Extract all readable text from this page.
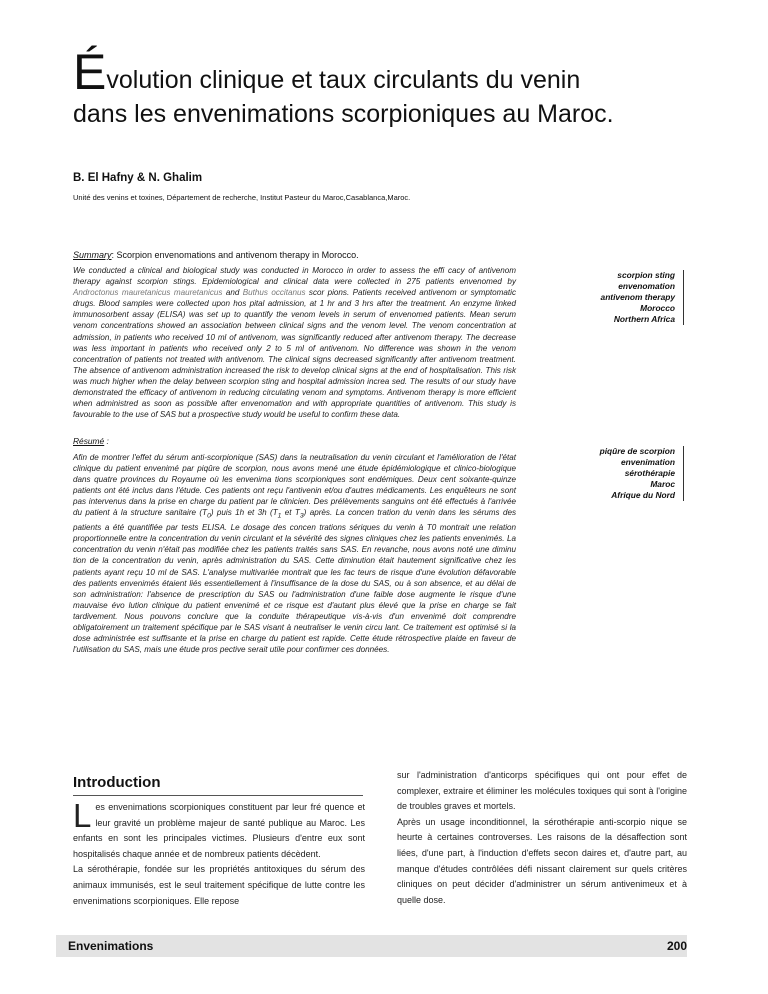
Évolution clinique et taux circulants du venin
dans les envenimations scorpioniques au Maroc.

B. El Hafny & N. Ghalim

Unité des venins et toxines, Département de recherche, Institut Pasteur du Maroc,Casablanca,Maroc.

Summary: Scorpion envenomations and antivenom therapy in Morocco.

We conducted a clinical and biological study was conducted in Morocco in order to assess the effi cacy of antivenom therapy against scorpion stings. Epidemiological and clinical data were collected in 275 patients envenomed by Androctonus mauretanicus mauretanicus and Buthus occitanus scor pions. Patients received antivenom or symptomatic drugs. Blood samples were collected upon hos pital admission, at 1 hr and 3 hrs after the treatment. An enzyme linked immunosorbent assay (ELISA) was set up to quantify the venom levels in serum of envenomed patients. Mean serum venom concentrations showed an association between clinical signs and the venom level. The venom concentration at admission, in patients who received 10 ml of antivenom, was significantly reduced after antivenom therapy. The decrease was less important in patients who received only 2 to 5 ml of antivenom. No difference was shown in the venom concentration of patients not treated with antivenom. The clinical signs decreased significantly after antivenom treatment. The absence of antivenom administration increased the risk to develop clinical signs at the end of hospitalisation. This risk was much higher when the delay between scorpion sting and hospital admission increa sed. The results of our study have demonstrated the efficacy of antivenom in reducing circulating venom and symptoms. Antivenom therapy is more efficient when administred as soon as possible after envenomation and with appropriate quantities of antivenom. This study is favourable to the use of SAS but a prospective study would be useful to confirm these data.

scorpion sting
envenomation
antivenom therapy
Morocco
Northern Africa

Résumé :

Afin de montrer l'effet du sérum anti-scorpionique (SAS) dans la neutralisation du venin circulant et l'amélioration de l'état clinique du patient envenimé par piqûre de scorpion, nous avons mené une étude épidémiologique et clinico-biologique dans quatre provinces du Royaume où les envenima tions scorpioniques sont endémiques. Deux cent soixante-quinze patients ont été inclus dans l'étude. Ces patients ont reçu l'antivenin et/ou d'autres médicaments. Les enquêteurs ne sont pas intervenus dans la prise en charge du patient par le clinicien. Des prélèvements sanguins ont été effectués à l'arrivée du patient à la structure sanitaire $(T_0)$ puis 1h et 3h ($T_1$ et $T_3$) après. La concen tration du venin dans les sérums des patients a été quantifiée par tests ELISA. Le dosage des concen trations sériques du venin à T0 montrait une relation proportionnelle entre la concentration du venin circulant et la sévérité des signes cliniques chez les patients envenimés. La concentration du venin n'était pas modifiée chez les patients traités sans SAS. En revanche, nous avons noté une diminu tion de la concentration du venin, après administration du SAS. Cette diminution était hautement significative chez les patients ayant reçu 10 ml de SAS. L'analyse multivariée montrait que les fac teurs de risque d'une évolution défavorable des patients envenimés étaient liés essentiellement à l'insuffisance de la dose du SAS, ou à son absence, et au délai de son administration: l'absence de prescription du SAS ou l'administration d'une faible dose augmente le risque d'une mauvaise évo lution clinique du patient envenimé et ce risque est d'autant plus élevé que la prise en charge se fait tardivement. Nous pouvons conclure que la conduite thérapeutique vis-à-vis d'un envenimé doit comprendre obligatoirement un traitement spécifique par le SAS visant à neutraliser le venin circu lant. Ce traitement est optimisé si la dose administrée est suffisante et la prise en charge du patient est rapide. Cette étude rétrospective plaide en faveur de l'utilisation du SAS, mais une étude pros pective serait utile pour confirmer ces données.

piqûre de scorpion
envenimation
sérothérapie
Maroc
Afrique du Nord
Introduction

Les envenimations scorpioniques constituent par leur fré quence et leur gravité un problème majeur de santé publique au Maroc. Les enfants en sont les principales victimes. Plusieurs d'entre eux sont hospitalisés chaque année et de nombreux patients décèdent.

La sérothérapie, fondée sur les propriétés antitoxiques du sérum des animaux immunisés, est le seul traitement spécifique de lutte contre les envenimations scorpioniques. Elle repose

sur l'administration d'anticorps spécifiques qui ont pour effet de complexer, extraire et éliminer les molécules toxiques qui sont à l'origine de troubles graves et mortels.

Après un usage inconditionnel, la sérothérapie anti-scorpio nique se heurte à certaines controverses. Les raisons de la désaffection sont liées, d'une part, à l'induction d'effets secon daires et, d'autre part, au manque d'études contrôlées défi nissant clairement sur quels critères cliniques on peut décider d'administrer un sérum antivenimeux et à quelle dose.

Envenimations	200
